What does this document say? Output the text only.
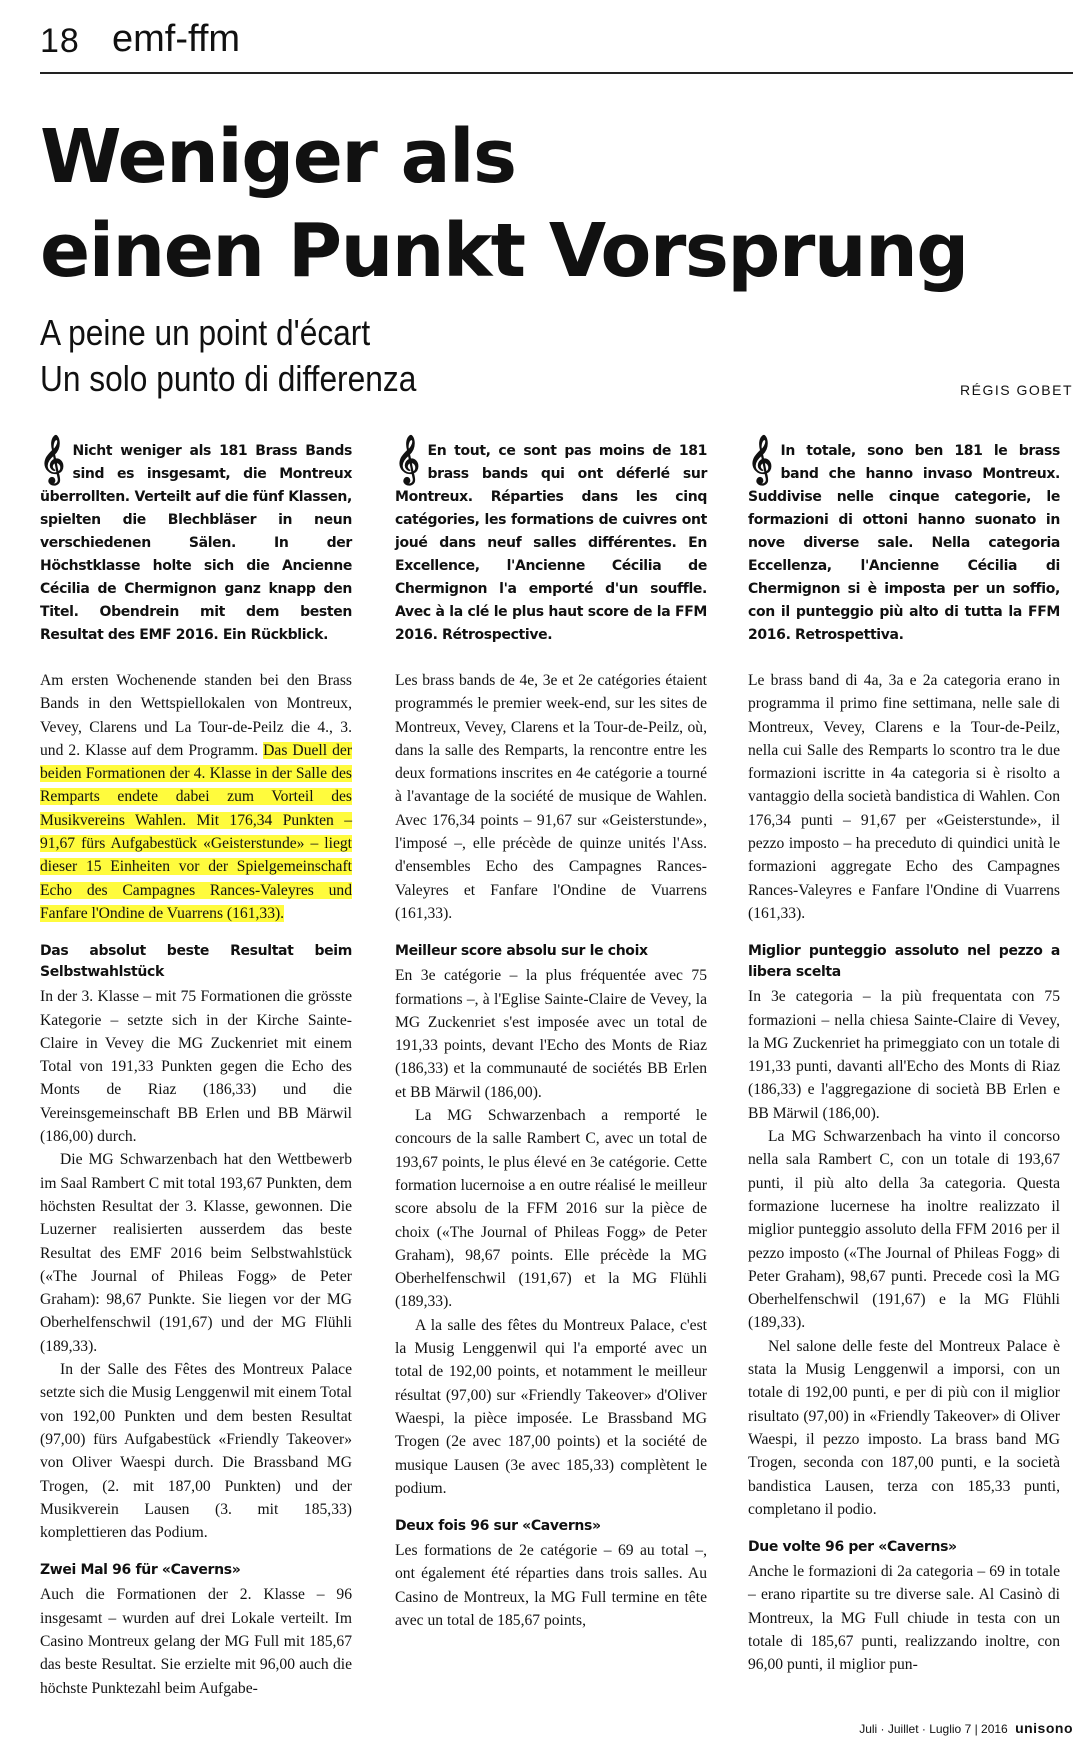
18 emf-ffm
Weniger als
einen Punkt Vorsprung
A peine un point d'écart
Un solo punto di differenza	RÉGIS GOBET
𝄞 Nicht weniger als 181 Brass Bands sind es insgesamt, die Montreux überrollten. Verteilt auf die fünf Klassen, spielten die Blechbläser in neun verschiedenen Sälen. In der Höchstklasse holte sich die Ancienne Cécilia de Chermignon ganz knapp den Titel. Obendrein mit dem besten Resultat des EMF 2016. Ein Rückblick.

Am ersten Wochenende standen bei den Brass Bands in den Wettspiellokalen von Montreux, Vevey, Clarens und La Tour-de-Peilz die 4., 3. und 2. Klasse auf dem Programm. Das Duell der beiden Formationen der 4. Klasse in der Salle des Remparts endete dabei zum Vorteil des Musikvereins Wahlen. Mit 176,34 Punkten – 91,67 fürs Aufgabestück «Geisterstunde» – liegt dieser 15 Einheiten vor der Spielgemeinschaft Echo des Campagnes Rances-Valeyres und Fanfare l'Ondine de Vuarrens (161,33).

Das absolut beste Resultat beim Selbstwahlstück

In der 3. Klasse – mit 75 Formationen die grösste Kategorie – setzte sich in der Kirche Sainte-Claire in Vevey die MG Zuckenriet mit einem Total von 191,33 Punkten gegen die Echo des Monts de Riaz (186,33) und die Vereinsgemeinschaft BB Erlen und BB Märwil (186,00) durch.

Die MG Schwarzenbach hat den Wettbewerb im Saal Rambert C mit total 193,67 Punkten, dem höchsten Resultat der 3. Klasse, gewonnen. Die Luzerner realisierten ausserdem das beste Resultat des EMF 2016 beim Selbstwahlstück («The Journal of Phileas Fogg» de Peter Graham): 98,67 Punkte. Sie liegen vor der MG Oberhelfenschwil (191,67) und der MG Flühli (189,33).

In der Salle des Fêtes des Montreux Palace setzte sich die Musig Lenggenwil mit einem Total von 192,00 Punkten und dem besten Resultat (97,00) fürs Aufgabestück «Friendly Takeover» von Oliver Waespi durch. Die Brassband MG Trogen, (2. mit 187,00 Punkten) und der Musikverein Lausen (3. mit 185,33) komplettieren das Podium.

Zwei Mal 96 für «Caverns»

Auch die Formationen der 2. Klasse – 96 insgesamt – wurden auf drei Lokale verteilt. Im Casino Montreux gelang der MG Full mit 185,67 das beste Resultat. Sie erzielte mit 96,00 auch die höchste Punktezahl beim Aufgabe-

𝄞 En tout, ce sont pas moins de 181 brass bands qui ont déferlé sur Montreux. Réparties dans les cinq catégories, les formations de cuivres ont joué dans neuf salles différentes. En Excellence, l'Ancienne Cécilia de Chermignon l'a emporté d'un souffle. Avec à la clé le plus haut score de la FFM 2016. Rétrospective.

Les brass bands de 4e, 3e et 2e catégories étaient programmés le premier week-end, sur les sites de Montreux, Vevey, Clarens et la Tour-de-Peilz, où, dans la salle des Remparts, la rencontre entre les deux formations inscrites en 4e catégorie a tourné à l'avantage de la société de musique de Wahlen. Avec 176,34 points – 91,67 sur «Geisterstunde», l'imposé –, elle précède de quinze unités l'Ass. d'ensembles Echo des Campagnes Rances-Valeyres et Fanfare l'Ondine de Vuarrens (161,33).

Meilleur score absolu sur le choix

En 3e catégorie – la plus fréquentée avec 75 formations –, à l'Eglise Sainte-Claire de Vevey, la MG Zuckenriet s'est imposée avec un total de 191,33 points, devant l'Echo des Monts de Riaz (186,33) et la communauté de sociétés BB Erlen et BB Märwil (186,00).

La MG Schwarzenbach a remporté le concours de la salle Rambert C, avec un total de 193,67 points, le plus élevé en 3e catégorie. Cette formation lucernoise a en outre réalisé le meilleur score absolu de la FFM 2016 sur la pièce de choix («The Journal of Phileas Fogg» de Peter Graham), 98,67 points. Elle précède la MG Oberhelfenschwil (191,67) et la MG Flühli (189,33).

A la salle des fêtes du Montreux Palace, c'est la Musig Lenggenwil qui l'a emporté avec un total de 192,00 points, et notamment le meilleur résultat (97,00) sur «Friendly Takeover» d'Oliver Waespi, la pièce imposée. Le Brassband MG Trogen (2e avec 187,00 points) et la société de musique Lausen (3e avec 185,33) complètent le podium.

Deux fois 96 sur «Caverns»

Les formations de 2e catégorie – 69 au total –, ont également été réparties dans trois salles. Au Casino de Montreux, la MG Full termine en tête avec un total de 185,67 points,

𝄞 In totale, sono ben 181 le brass band che hanno invaso Montreux. Suddivise nelle cinque categorie, le formazioni di ottoni hanno suonato in nove diverse sale. Nella categoria Eccellenza, l'Ancienne Cécilia di Chermignon si è imposta per un soffio, con il punteggio più alto di tutta la FFM 2016. Retrospettiva.

Le brass band di 4a, 3a e 2a categoria erano in programma il primo fine settimana, nelle sale di Montreux, Vevey, Clarens e la Tour-de-Peilz, nella cui Salle des Remparts lo scontro tra le due formazioni iscritte in 4a categoria si è risolto a vantaggio della società bandistica di Wahlen. Con 176,34 punti – 91,67 per «Geisterstunde», il pezzo imposto – ha preceduto di quindici unità le formazioni aggregate Echo des Campagnes Rances-Valeyres e Fanfare l'Ondine di Vuarrens (161,33).

Miglior punteggio assoluto nel pezzo a libera scelta

In 3e categoria – la più frequentata con 75 formazioni – nella chiesa Sainte-Claire di Vevey, la MG Zuckenriet ha primeggiato con un totale di 191,33 punti, davanti all'Echo des Monts di Riaz (186,33) e l'aggregazione di società BB Erlen e BB Märwil (186,00).

La MG Schwarzenbach ha vinto il concorso nella sala Rambert C, con un totale di 193,67 punti, il più alto della 3a categoria. Questa formazione lucernese ha inoltre realizzato il miglior punteggio assoluto della FFM 2016 per il pezzo imposto («The Journal of Phileas Fogg» di Peter Graham), 98,67 punti. Precede così la MG Oberhelfenschwil (191,67) e la MG Flühli (189,33).

Nel salone delle feste del Montreux Palace è stata la Musig Lenggenwil a imporsi, con un totale di 192,00 punti, e per di più con il miglior risultato (97,00) in «Friendly Takeover» di Oliver Waespi, il pezzo imposto. La brass band MG Trogen, seconda con 187,00 punti, e la società bandistica Lausen, terza con 185,33 punti, completano il podio.

Due volte 96 per «Caverns»

Anche le formazioni di 2a categoria – 69 in totale – erano ripartite su tre diverse sale. Al Casinò di Montreux, la MG Full chiude in testa con un totale di 185,67 punti, realizzando inoltre, con 96,00 punti, il miglior pun-

Juli · Juillet · Luglio 7 | 2016 unisono
